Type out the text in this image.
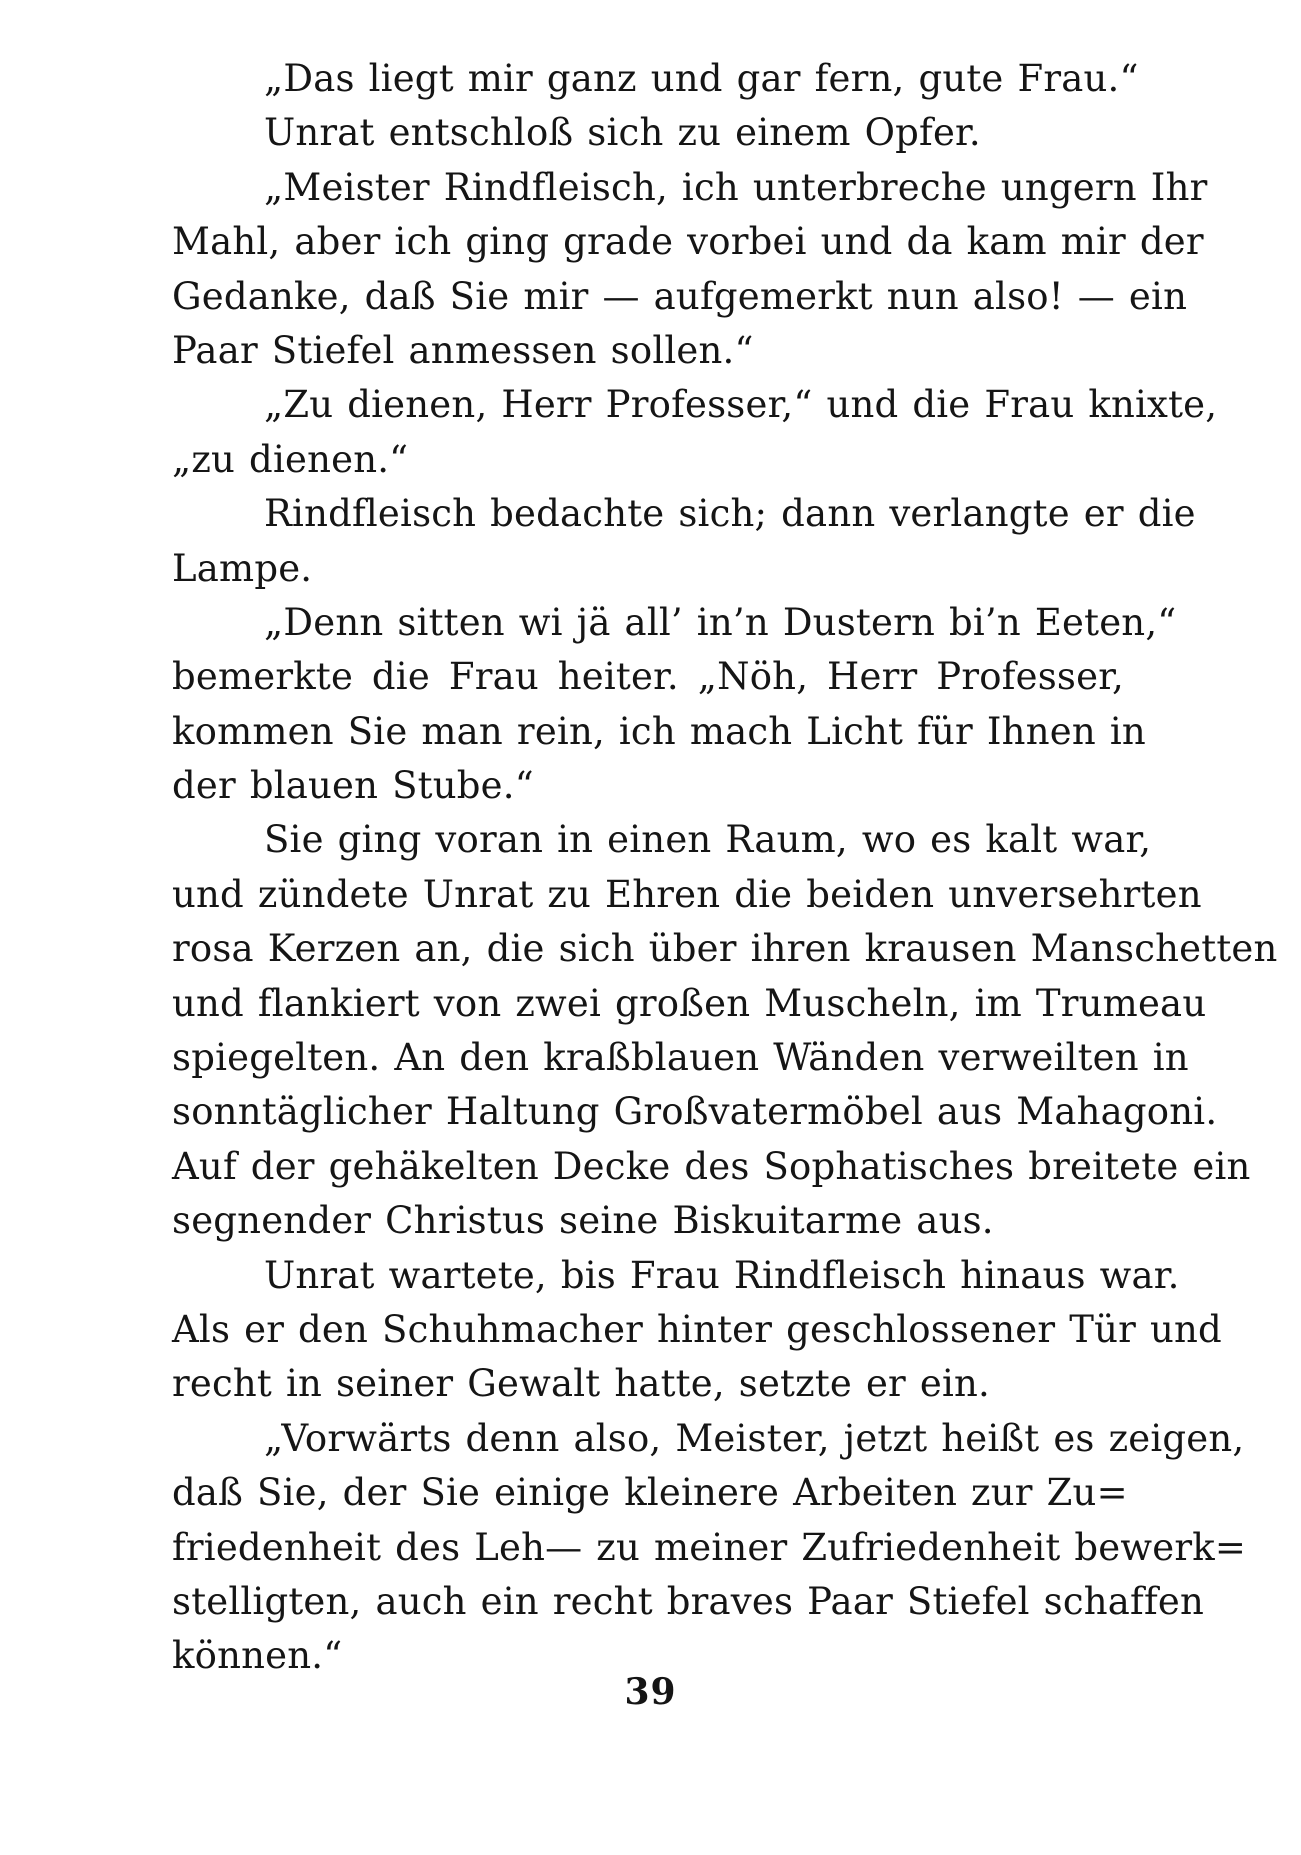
„Das liegt mir ganz und gar fern, gute Frau.“
Unrat entschloß sich zu einem Opfer.
„Meister Rindfleisch, ich unterbreche ungern Ihr
Mahl, aber ich ging grade vorbei und da kam mir der
Gedanke, daß Sie mir — aufgemerkt nun also! — ein
Paar Stiefel anmessen sollen.“
„Zu dienen, Herr Professer,“ und die Frau knixte,
„zu dienen.“
Rindfleisch bedachte sich; dann verlangte er die
Lampe.
„Denn sitten wi jä all’ in’n Dustern bi’n Eeten,“
bemerkte die Frau heiter. „Nöh, Herr Professer,
kommen Sie man rein, ich mach Licht für Ihnen in
der blauen Stube.“
Sie ging voran in einen Raum, wo es kalt war,
und zündete Unrat zu Ehren die beiden unversehrten
rosa Kerzen an, die sich über ihren krausen Manschetten
und flankiert von zwei großen Muscheln, im Trumeau
spiegelten. An den kraßblauen Wänden verweilten in
sonntäglicher Haltung Großvatermöbel aus Mahagoni.
Auf der gehäkelten Decke des Sophatisches breitete ein
segnender Christus seine Biskuitarme aus.
Unrat wartete, bis Frau Rindfleisch hinaus war.
Als er den Schuhmacher hinter geschlossener Tür und
recht in seiner Gewalt hatte, setzte er ein.
„Vorwärts denn also, Meister, jetzt heißt es zeigen,
daß Sie, der Sie einige kleinere Arbeiten zur Zu=
friedenheit des Leh— zu meiner Zufriedenheit bewerk=
stelligten, auch ein recht braves Paar Stiefel schaffen
können.“
39
